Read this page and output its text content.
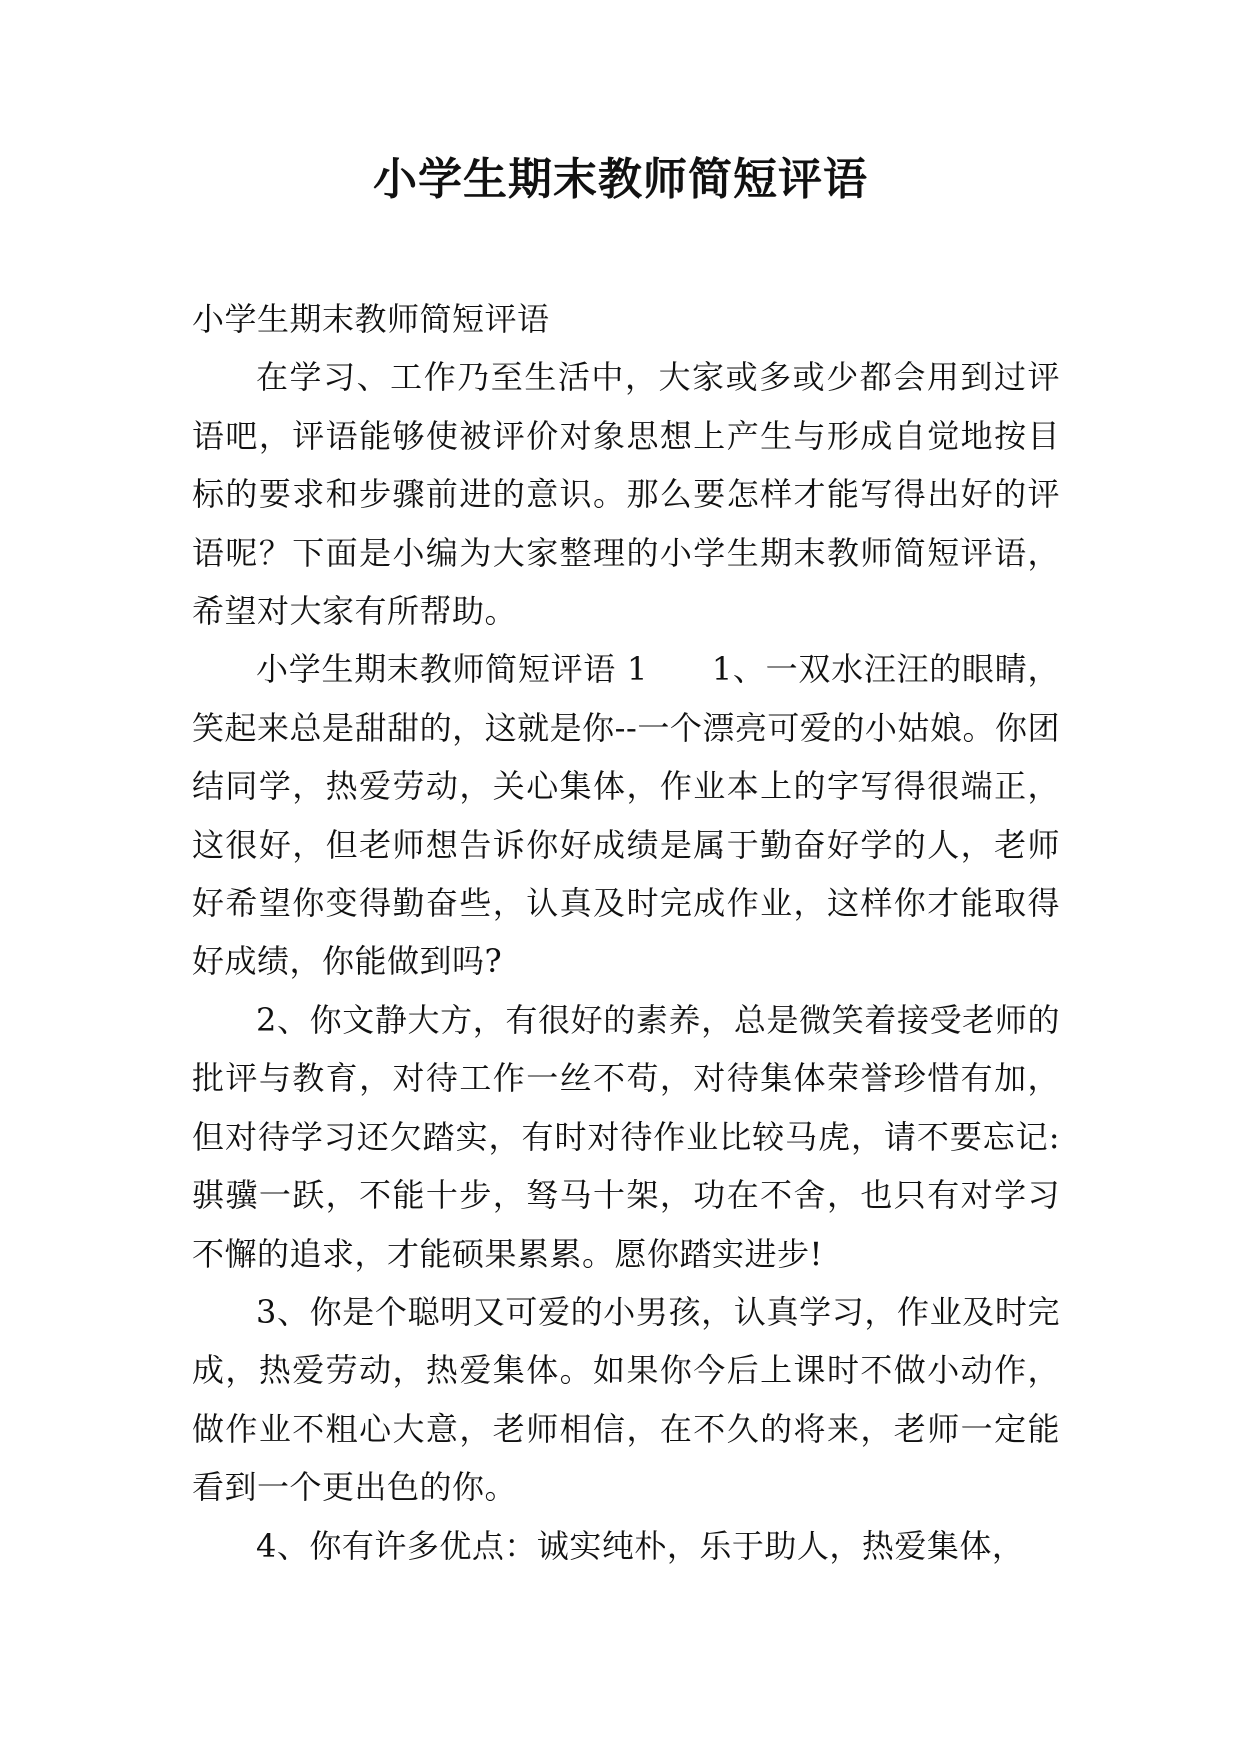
小学生期末教师简短评语

小学生期末教师简短评语

在学习、工作乃至生活中，大家或多或少都会用到过评语吧，评语能够使被评价对象思想上产生与形成自觉地按目标的要求和步骤前进的意识。那么要怎样才能写得出好的评语呢？下面是小编为大家整理的小学生期末教师简短评语，希望对大家有所帮助。

小学生期末教师简短评语 1 1、一双水汪汪的眼睛，笑起来总是甜甜的，这就是你--一个漂亮可爱的小姑娘。你团结同学，热爱劳动，关心集体，作业本上的字写得很端正，这很好，但老师想告诉你好成绩是属于勤奋好学的人，老师好希望你变得勤奋些，认真及时完成作业，这样你才能取得好成绩，你能做到吗?

2、你文静大方，有很好的素养，总是微笑着接受老师的批评与教育，对待工作一丝不苟，对待集体荣誉珍惜有加，但对待学习还欠踏实，有时对待作业比较马虎，请不要忘记:骐骥一跃，不能十步，驽马十架，功在不舍，也只有对学习不懈的追求，才能硕果累累。愿你踏实进步!

3、你是个聪明又可爱的小男孩，认真学习，作业及时完成，热爱劳动，热爱集体。如果你今后上课时不做小动作，做作业不粗心大意，老师相信，在不久的将来，老师一定能看到一个更出色的你。

4、你有许多优点：诚实纯朴，乐于助人，热爱集体，
